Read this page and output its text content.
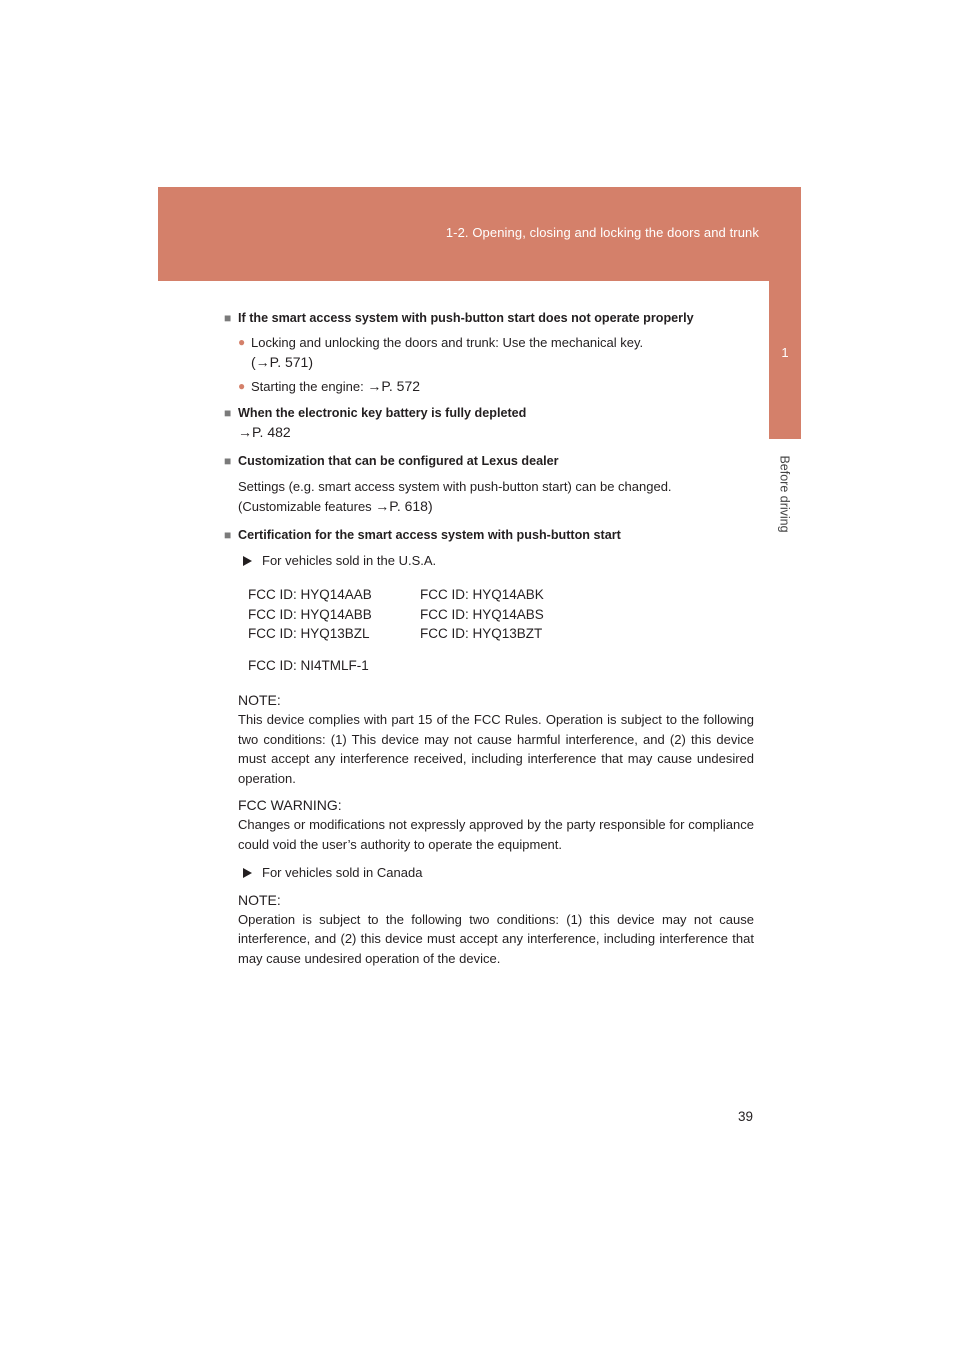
1-2. Opening, closing and locking the doors and trunk
1
Before driving
■ If the smart access system with push-button start does not operate properly
● Locking and unlocking the doors and trunk: Use the mechanical key.
(→P. 571)
● Starting the engine: →P. 572
■ When the electronic key battery is fully depleted
→P. 482
■ Customization that can be configured at Lexus dealer
Settings (e.g. smart access system with push-button start) can be changed.
(Customizable features →P. 618)
■ Certification for the smart access system with push-button start
For vehicles sold in the U.S.A.
FCC ID: HYQ14AAB	FCC ID: HYQ14ABK
FCC ID: HYQ14ABB	FCC ID: HYQ14ABS
FCC ID: HYQ13BZL	FCC ID: HYQ13BZT
FCC ID: NI4TMLF-1
NOTE:
This device complies with part 15 of the FCC Rules. Operation is subject to the following two conditions: (1) This device may not cause harmful interference, and (2) this device must accept any interference received, including interference that may cause undesired operation.
FCC WARNING:
Changes or modifications not expressly approved by the party responsible for compliance could void the user’s authority to operate the equipment.
For vehicles sold in Canada
NOTE:
Operation is subject to the following two conditions: (1) this device may not cause interference, and (2) this device must accept any interference, including interference that may cause undesired operation of the device.
39
